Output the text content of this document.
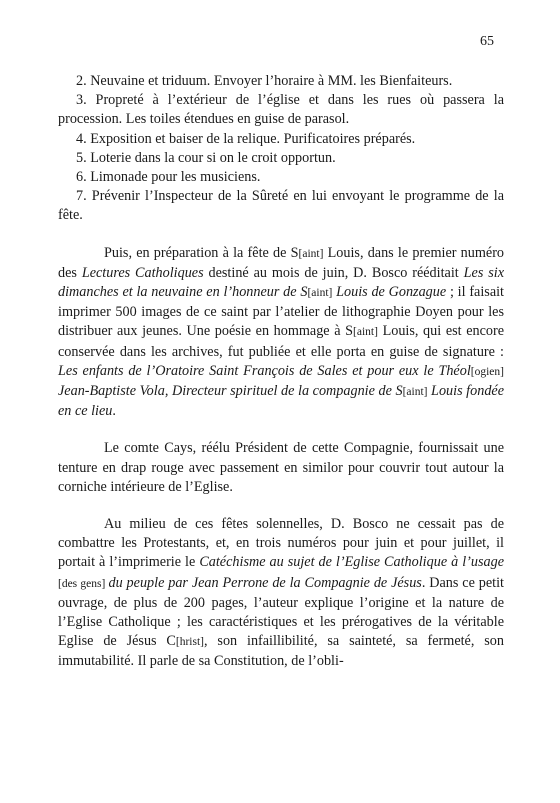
65

2. Neuvaine et triduum. Envoyer l’horaire à MM. les Bienfaiteurs.

3. Propreté à l’extérieur de l’église et dans les rues où passera la procession. Les toiles étendues en guise de parasol.

4. Exposition et baiser de la relique. Purificatoires préparés.

5. Loterie dans la cour si on le croit opportun.

6. Limonade pour les musiciens.

7. Prévenir l’Inspecteur de la Sûreté en lui envoyant le programme de la fête.

Puis, en préparation à la fête de S[aint] Louis, dans le premier numéro des Lectures Catholiques destiné au mois de juin, D. Bosco rééditait Les six dimanches et la neuvaine en l’honneur de S[aint] Louis de Gonzague ; il faisait imprimer 500 images de ce saint par l’atelier de lithographie Doyen pour les distribuer aux jeunes. Une poésie en hommage à S[aint] Louis, qui est encore conservée dans les archives, fut publiée et elle porta en guise de signature : Les enfants de l’Oratoire Saint François de Sales et pour eux le Théol[ogien] Jean-Baptiste Vola, Directeur spirituel de la compagnie de S[aint] Louis fondée en ce lieu.

Le comte Cays, réélu Président de cette Compagnie, fournissait une tenture en drap rouge avec passement en similor pour couvrir tout autour la corniche intérieure de l’Eglise.

Au milieu de ces fêtes solennelles, D. Bosco ne cessait pas de combattre les Protestants, et, en trois numéros pour juin et pour juillet, il portait à l’imprimerie le Catéchisme au sujet de l’Eglise Catholique à l’usage [des gens] du peuple par Jean Perrone de la Compagnie de Jésus. Dans ce petit ouvrage, de plus de 200 pages, l’auteur explique l’origine et la nature de l’Eglise Catholique ; les caractéristiques et les prérogatives de la véritable Eglise de Jésus C[hrist], son infaillibilité, sa sainteté, sa fermeté, son immutabilité. Il parle de sa Constitution, de l’obli-
